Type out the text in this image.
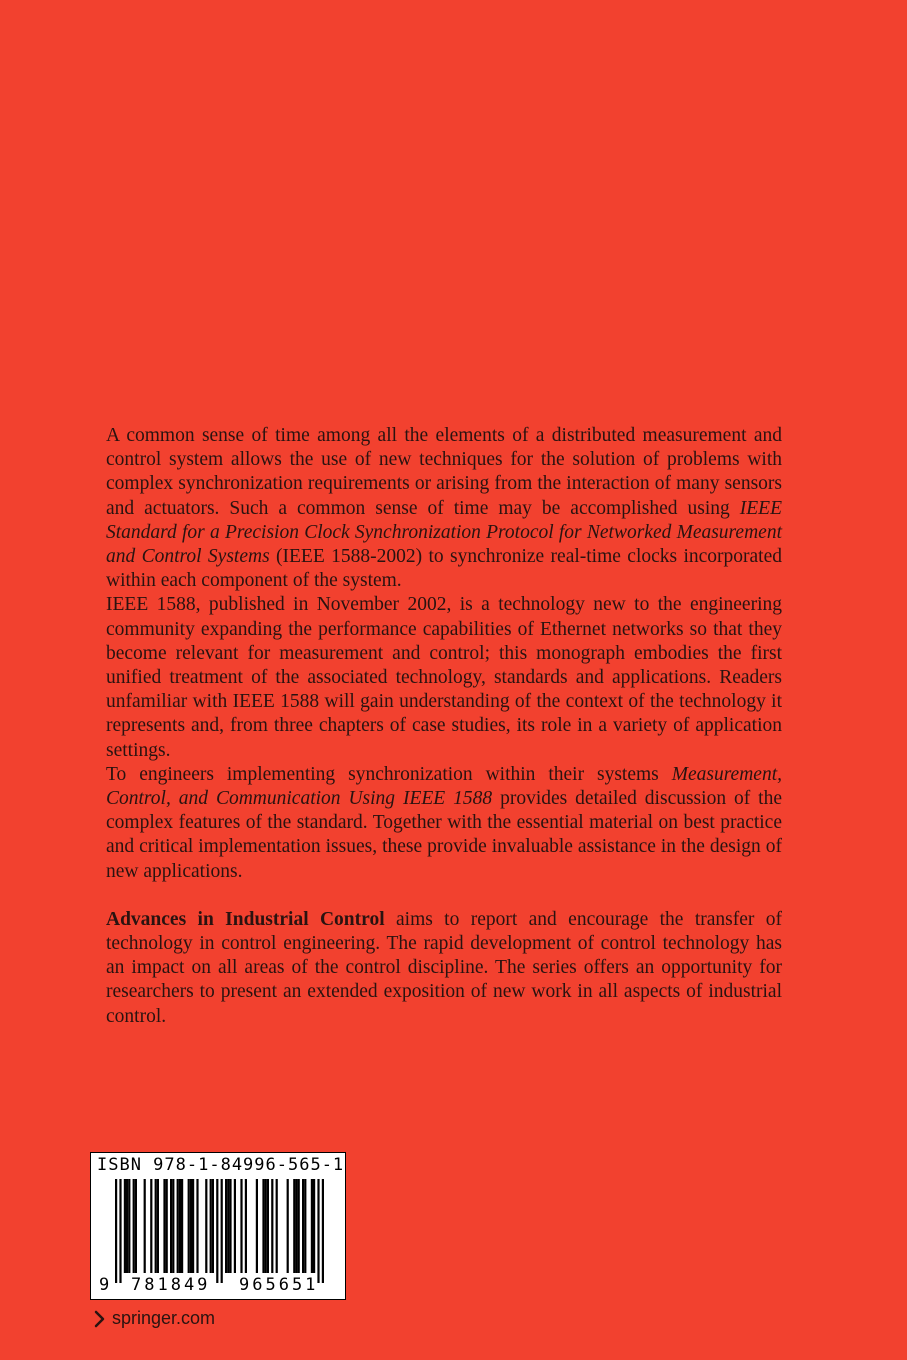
A common sense of time among all the elements of a distributed measurement and control system allows the use of new techniques for the solution of problems with complex synchronization requirements or arising from the interaction of many sensors and actuators. Such a common sense of time may be accomplished using IEEE Standard for a Precision Clock Synchronization Protocol for Networked Measurement and Control Systems (IEEE 1588-2002) to synchronize real-time clocks incorporated within each component of the system.

IEEE 1588, published in November 2002, is a technology new to the engineering community expanding the performance capabilities of Ethernet networks so that they become relevant for measurement and control; this monograph embodies the first unified treatment of the associated technology, standards and applications. Readers unfamiliar with IEEE 1588 will gain understanding of the context of the technology it represents and, from three chapters of case studies, its role in a variety of application settings.

To engineers implementing synchronization within their systems Measurement, Control, and Communication Using IEEE 1588 provides detailed discussion of the complex features of the standard. Together with the essential material on best practice and critical implementation issues, these provide invaluable assistance in the design of new applications.

Advances in Industrial Control aims to report and encourage the transfer of technology in control engineering. The rapid development of control technology has an impact on all areas of the control discipline. The series offers an opportunity for researchers to present an extended exposition of new work in all aspects of industrial control.

ISBN 978-1-84996-565-1
9 781849 965651
springer.com
